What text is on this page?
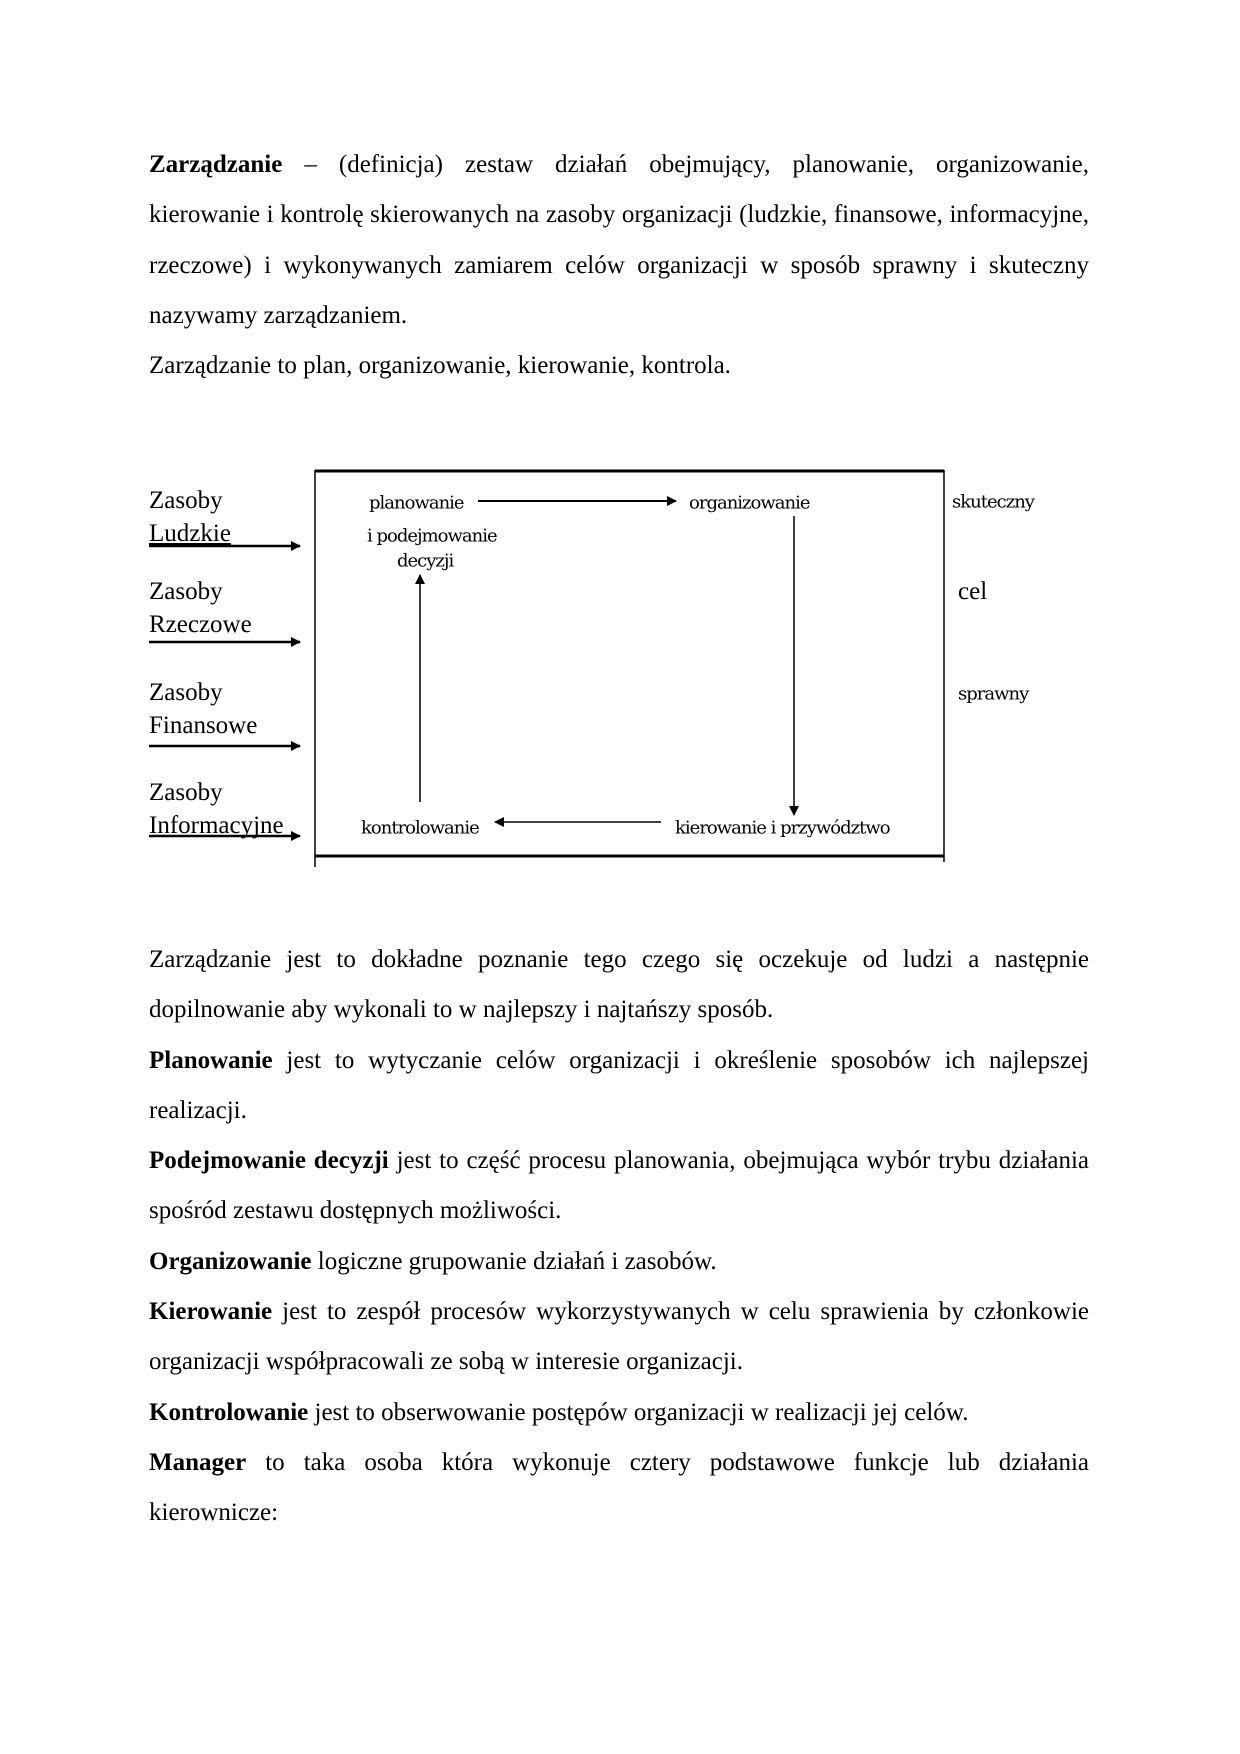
Zarządzanie – (definicja) zestaw działań obejmujący, planowanie, organizowanie, kierowanie i kontrolę skierowanych na zasoby organizacji (ludzkie, finansowe, informacyjne, rzeczowe) i wykonywanych zamiarem celów organizacji w sposób sprawny i skuteczny nazywamy zarządzaniem.

Zarządzanie to plan, organizowanie, kierowanie, kontrola.

Zasoby
Ludzkie
Zasoby
Rzeczowe
Zasoby
Finansowe
Zasoby
Informacyjne
planowanie
i podejmowanie
decyzji
organizowanie
kontrolowanie	kierowanie i przywództwo
skuteczny
cel
sprawny

Zarządzanie jest to dokładne poznanie tego czego się oczekuje od ludzi a następnie dopilnowanie aby wykonali to w najlepszy i najtańszy sposób.

Planowanie jest to wytyczanie celów organizacji i określenie sposobów ich najlepszej realizacji.

Podejmowanie decyzji jest to część procesu planowania, obejmująca wybór trybu działania spośród zestawu dostępnych możliwości.

Organizowanie logiczne grupowanie działań i zasobów.

Kierowanie jest to zespół procesów wykorzystywanych w celu sprawienia by członkowie organizacji współpracowali ze sobą w interesie organizacji.

Kontrolowanie jest to obserwowanie postępów organizacji w realizacji jej celów.

Manager to taka osoba która wykonuje cztery podstawowe funkcje lub działania kierownicze:
